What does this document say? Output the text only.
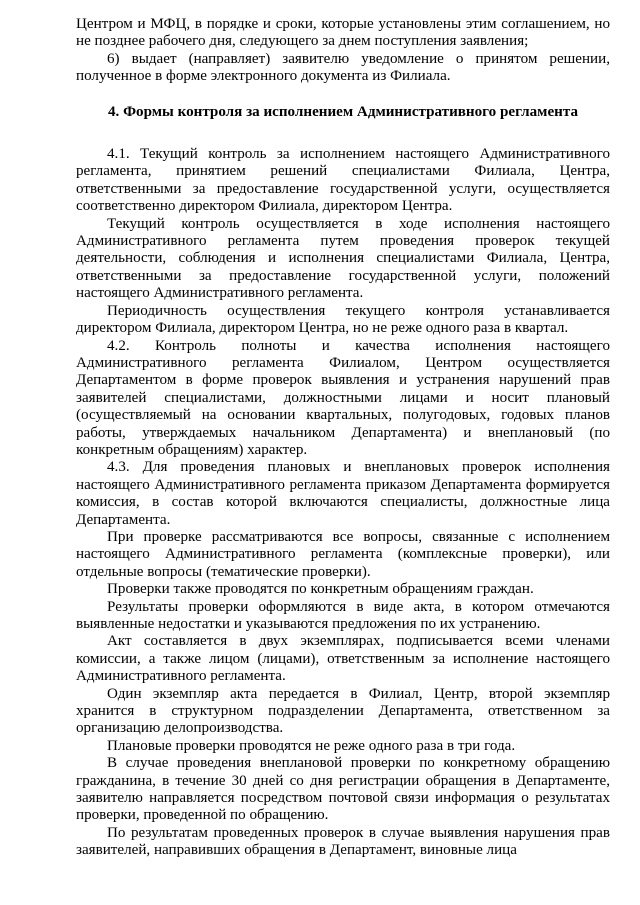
Центром и МФЦ, в порядке и сроки, которые установлены этим соглашением, но не позднее рабочего дня, следующего за днем поступления заявления;

6) выдает (направляет) заявителю уведомление о принятом решении, полученное в форме электронного документа из Филиала.

4. Формы контроля за исполнением Административного регламента

4.1. Текущий контроль за исполнением настоящего Административного регламента, принятием решений специалистами Филиала, Центра, ответственными за предоставление государственной услуги, осуществляется соответственно директором Филиала, директором Центра.

Текущий контроль осуществляется в ходе исполнения настоящего Административного регламента путем проведения проверок текущей деятельности, соблюдения и исполнения специалистами Филиала, Центра, ответственными за предоставление государственной услуги, положений настоящего Административного регламента.

Периодичность осуществления текущего контроля устанавливается директором Филиала, директором Центра, но не реже одного раза в квартал.

4.2. Контроль полноты и качества исполнения настоящего Административного регламента Филиалом, Центром осуществляется Департаментом в форме проверок выявления и устранения нарушений прав заявителей специалистами, должностными лицами и носит плановый (осуществляемый на основании квартальных, полугодовых, годовых планов работы, утверждаемых начальником Департамента) и внеплановый (по конкретным обращениям) характер.

4.3. Для проведения плановых и внеплановых проверок исполнения настоящего Административного регламента приказом Департамента формируется комиссия, в состав которой включаются специалисты, должностные лица Департамента.

При проверке рассматриваются все вопросы, связанные с исполнением настоящего Административного регламента (комплексные проверки), или отдельные вопросы (тематические проверки).

Проверки также проводятся по конкретным обращениям граждан.

Результаты проверки оформляются в виде акта, в котором отмечаются выявленные недостатки и указываются предложения по их устранению.

Акт составляется в двух экземплярах, подписывается всеми членами комиссии, а также лицом (лицами), ответственным за исполнение настоящего Административного регламента.

Один экземпляр акта передается в Филиал, Центр, второй экземпляр хранится в структурном подразделении Департамента, ответственном за организацию делопроизводства.

Плановые проверки проводятся не реже одного раза в три года.

В случае проведения внеплановой проверки по конкретному обращению гражданина, в течение 30 дней со дня регистрации обращения в Департаменте, заявителю направляется посредством почтовой связи информация о результатах проверки, проведенной по обращению.

По результатам проведенных проверок в случае выявления нарушения прав заявителей, направивших обращения в Департамент, виновные лица
